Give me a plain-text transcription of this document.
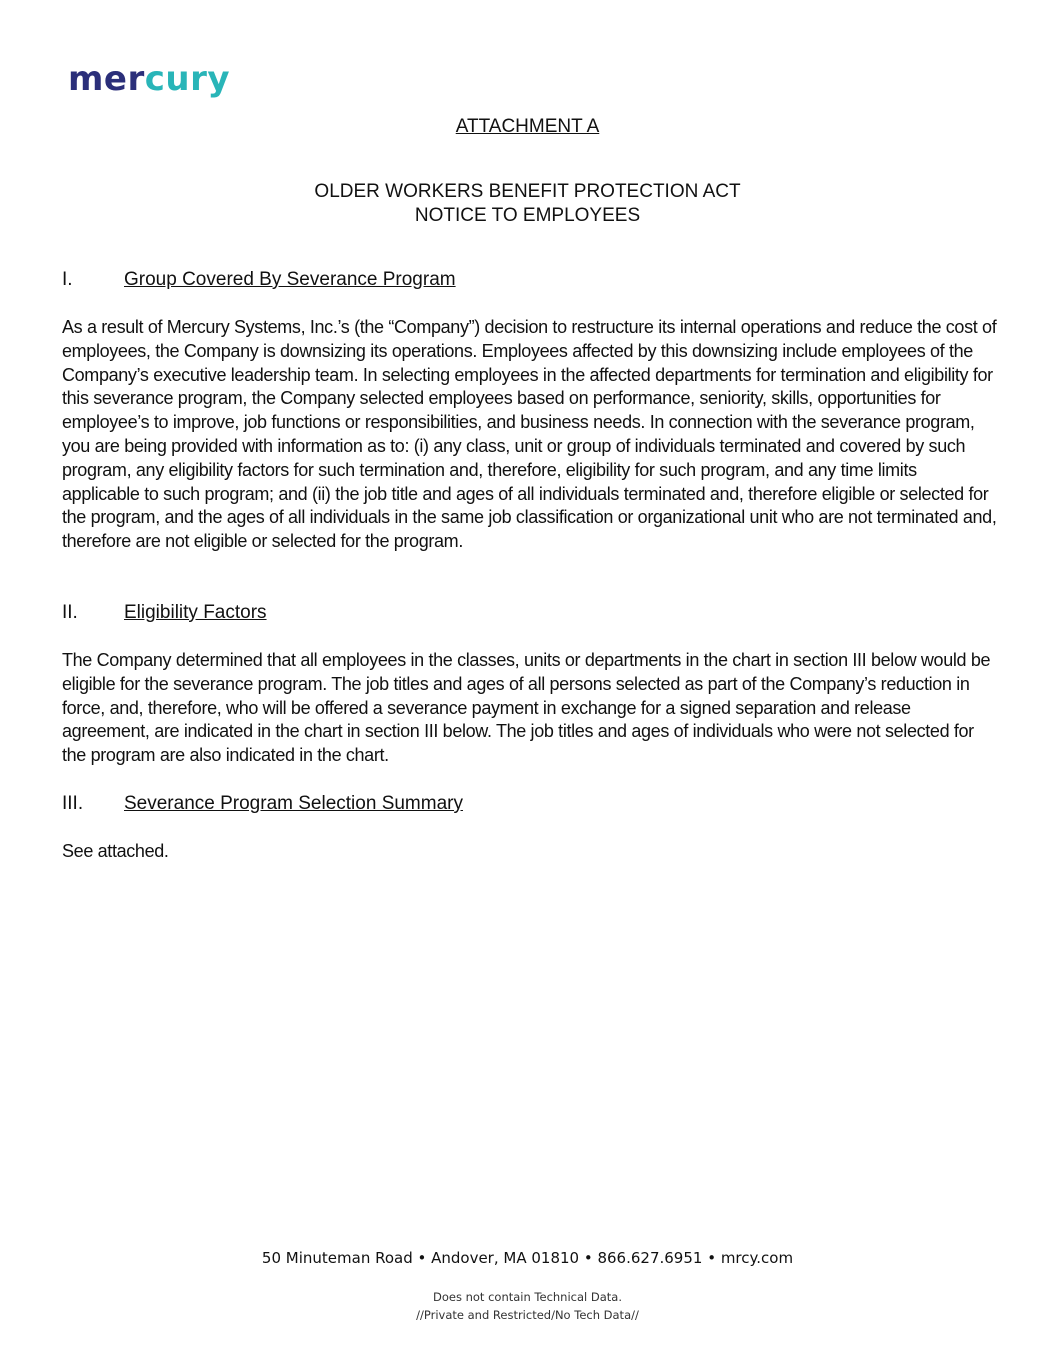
mercury
ATTACHMENT A
OLDER WORKERS BENEFIT PROTECTION ACT
NOTICE TO EMPLOYEES
I.	Group Covered By Severance Program
As a result of Mercury Systems, Inc.’s (the “Company”) decision to restructure its internal operations and reduce the cost of employees, the Company is downsizing its operations. Employees affected by this downsizing include employees of the Company’s executive leadership team. In selecting employees in the affected departments for termination and eligibility for this severance program, the Company selected employees based on performance, seniority, skills, opportunities for employee’s to improve, job functions or responsibilities, and business needs. In connection with the severance program, you are being provided with information as to: (i) any class, unit or group of individuals terminated and covered by such program, any eligibility factors for such termination and, therefore, eligibility for such program, and any time limits applicable to such program; and (ii) the job title and ages of all individuals terminated and, therefore eligible or selected for the program, and the ages of all individuals in the same job classification or organizational unit who are not terminated and, therefore are not eligible or selected for the program.
II. Eligibility Factors
The Company determined that all employees in the classes, units or departments in the chart in section III below would be eligible for the severance program. The job titles and ages of all persons selected as part of the Company’s reduction in force, and, therefore, who will be offered a severance payment in exchange for a signed separation and release agreement, are indicated in the chart in section III below. The job titles and ages of individuals who were not selected for the program are also indicated in the chart.
III. Severance Program Selection Summary
See attached.
50 Minuteman Road • Andover, MA 01810 • 866.627.6951 • mrcy.com
Does not contain Technical Data.
//Private and Restricted/No Tech Data//
